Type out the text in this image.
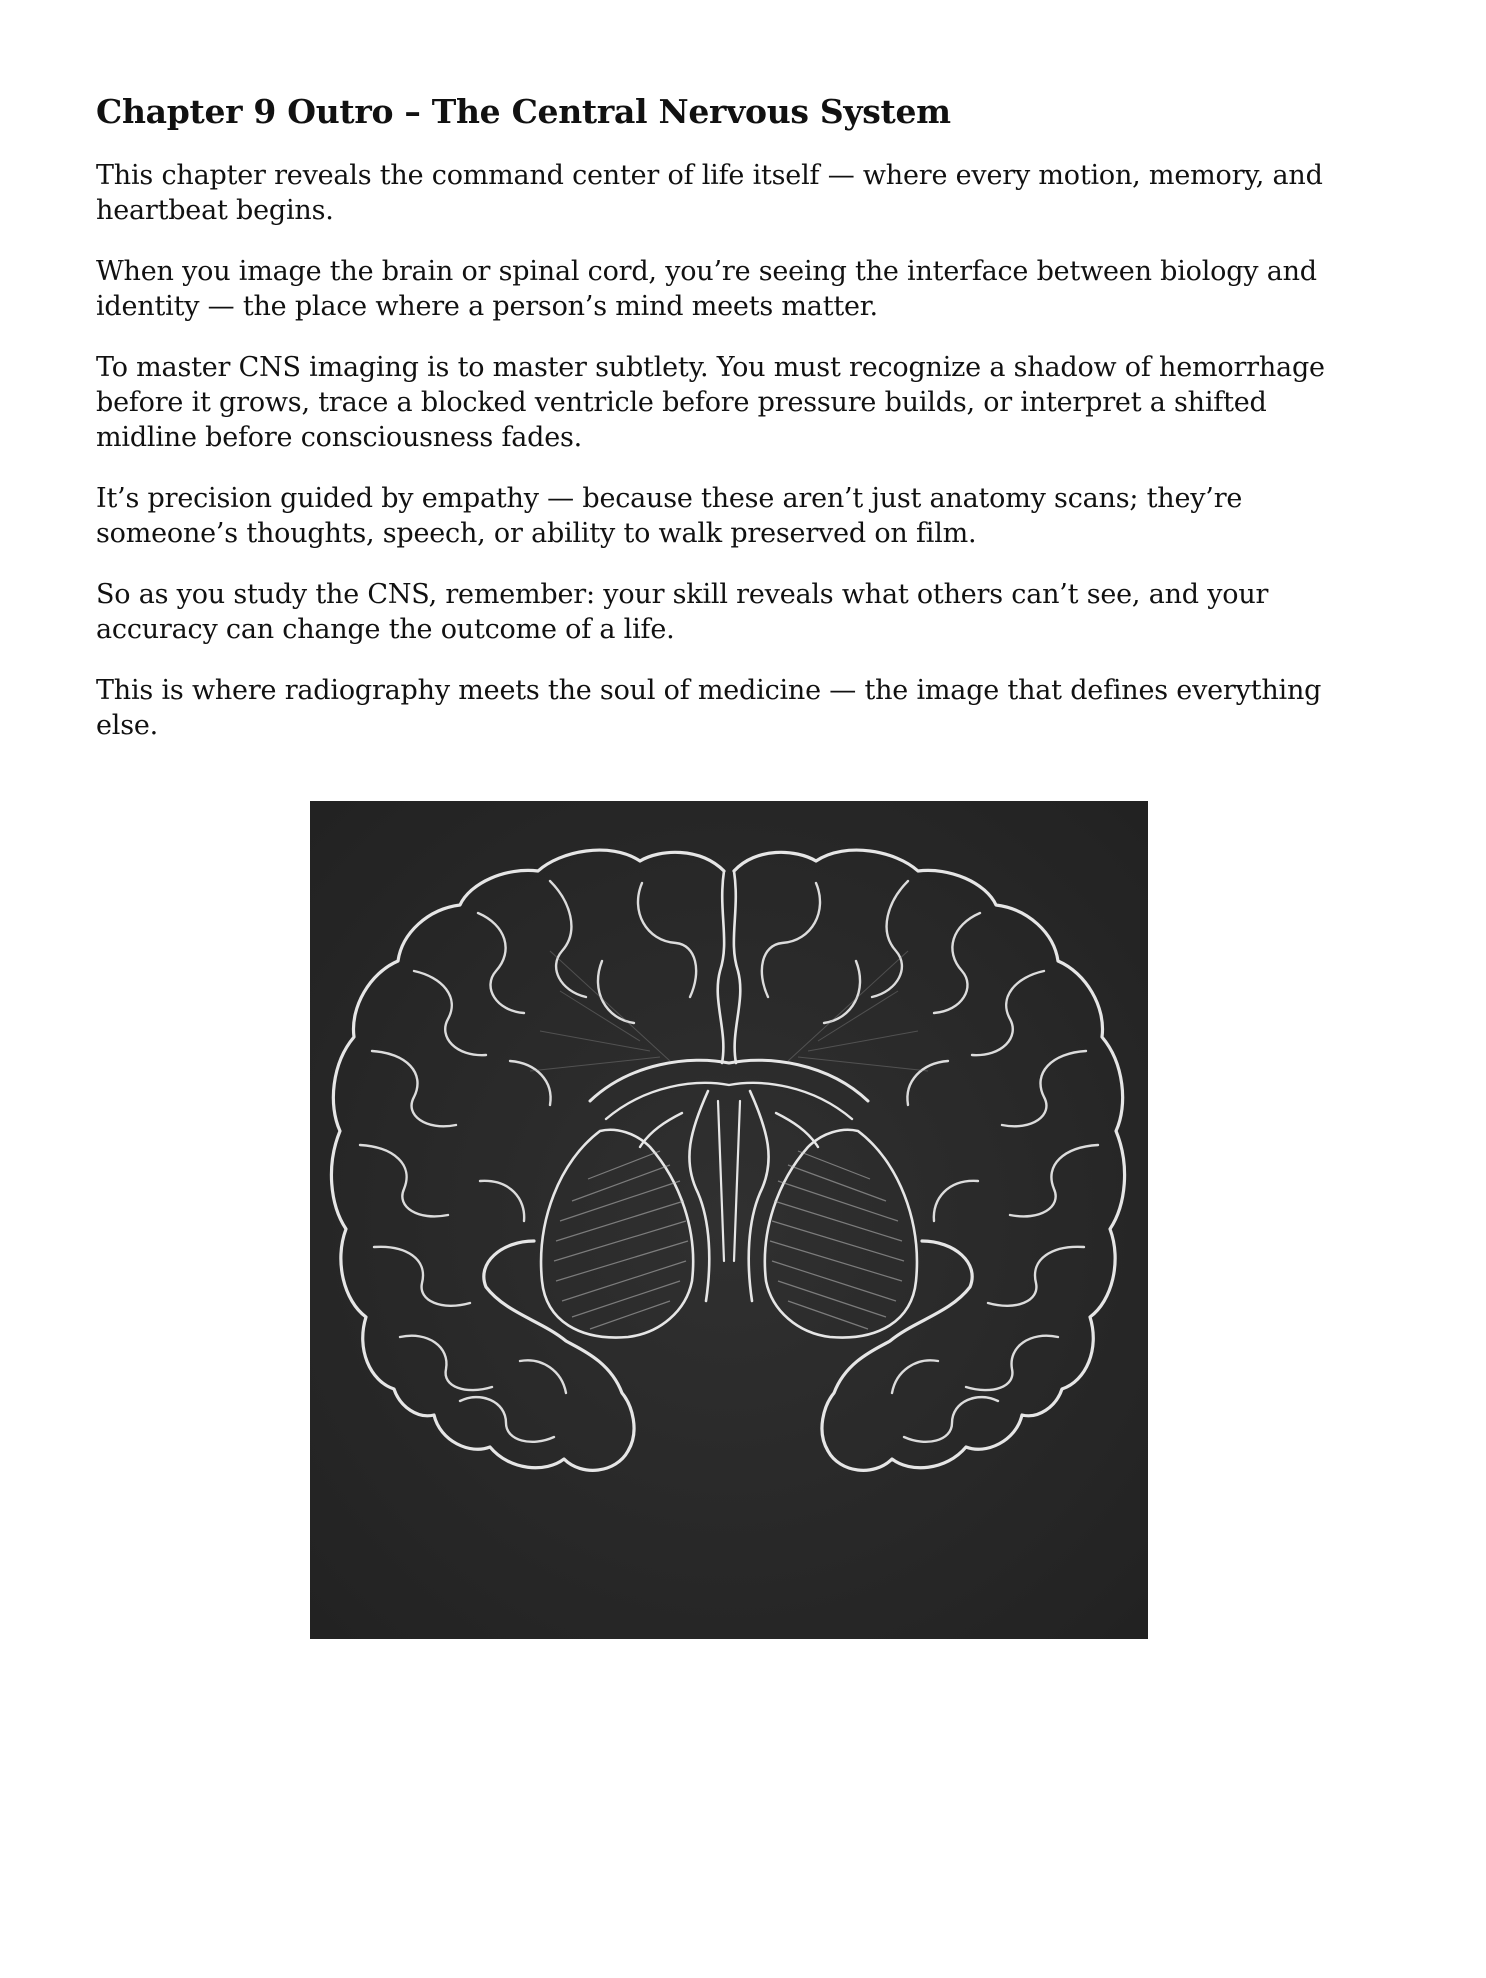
Chapter 9 Outro – The Central Nervous System

This chapter reveals the command center of life itself — where every motion, memory, and heartbeat begins.

When you image the brain or spinal cord, you’re seeing the interface between biology and identity — the place where a person’s mind meets matter.

To master CNS imaging is to master subtlety. You must recognize a shadow of hemorrhage before it grows, trace a blocked ventricle before pressure builds, or interpret a shifted midline before consciousness fades.

It’s precision guided by empathy — because these aren’t just anatomy scans; they’re someone’s thoughts, speech, or ability to walk preserved on film.

So as you study the CNS, remember: your skill reveals what others can’t see, and your accuracy can change the outcome of a life.

This is where radiography meets the soul of medicine — the image that defines everything else.
